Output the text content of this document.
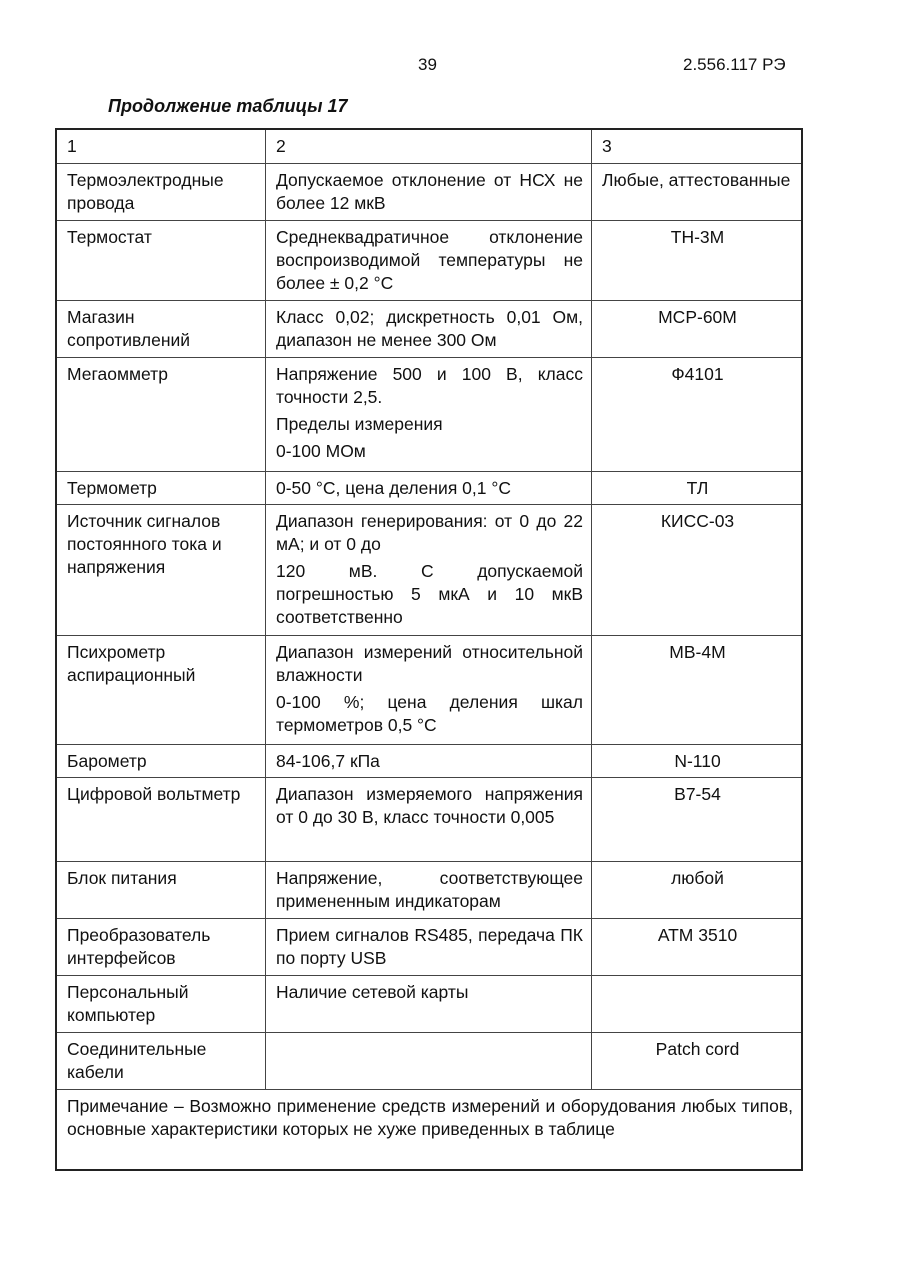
39	2.556.117 РЭ
Продолжение таблицы 17
1	2	3
Термоэлектродные провода	Допускаемое отклонение от НСХ не более 12 мкВ	Любые, аттестованные
Термостат	Среднеквадратичное отклонение воспроизводимой температуры не более ± 0,2 °С	ТН-3М
Магазин сопротивлений	Класс 0,02; дискретность 0,01 Ом, диапазон не менее 300 Ом	МСР-60М
Мегаомметр	Напряжение 500 и 100 В, класс точности 2,5.
Пределы измерения
0-100 МОм	Ф4101
Термометр	0-50 °С, цена деления 0,1 °С	ТЛ
Источник сигналов постоянного тока и напряжения	Диапазон генерирования: от 0 до 22 мА; и от 0 до
120 мВ. С допускаемой погрешностью 5 мкА и 10 мкВ соответственно	КИСС-03
Психрометр аспирационный	Диапазон измерений относительной влажности
0-100 %; цена деления шкал термометров 0,5 °С	МВ-4М
Барометр	84-106,7 кПа	N-110
Цифровой вольтметр	Диапазон измеряемого напряжения от 0 до 30 В, класс точности 0,005	В7-54
Блок питания	Напряжение, соответствующее примененным индикаторам	любой
Преобразователь интерфейсов	Прием сигналов RS485, передача ПК по порту USB	АТМ 3510
Персональный компьютер	Наличие сетевой карты	

Соединительные кабели		Patch cord
Примечание – Возможно применение средств измерений и оборудования любых типов, основные характеристики которых не хуже приведенных в таблице		
